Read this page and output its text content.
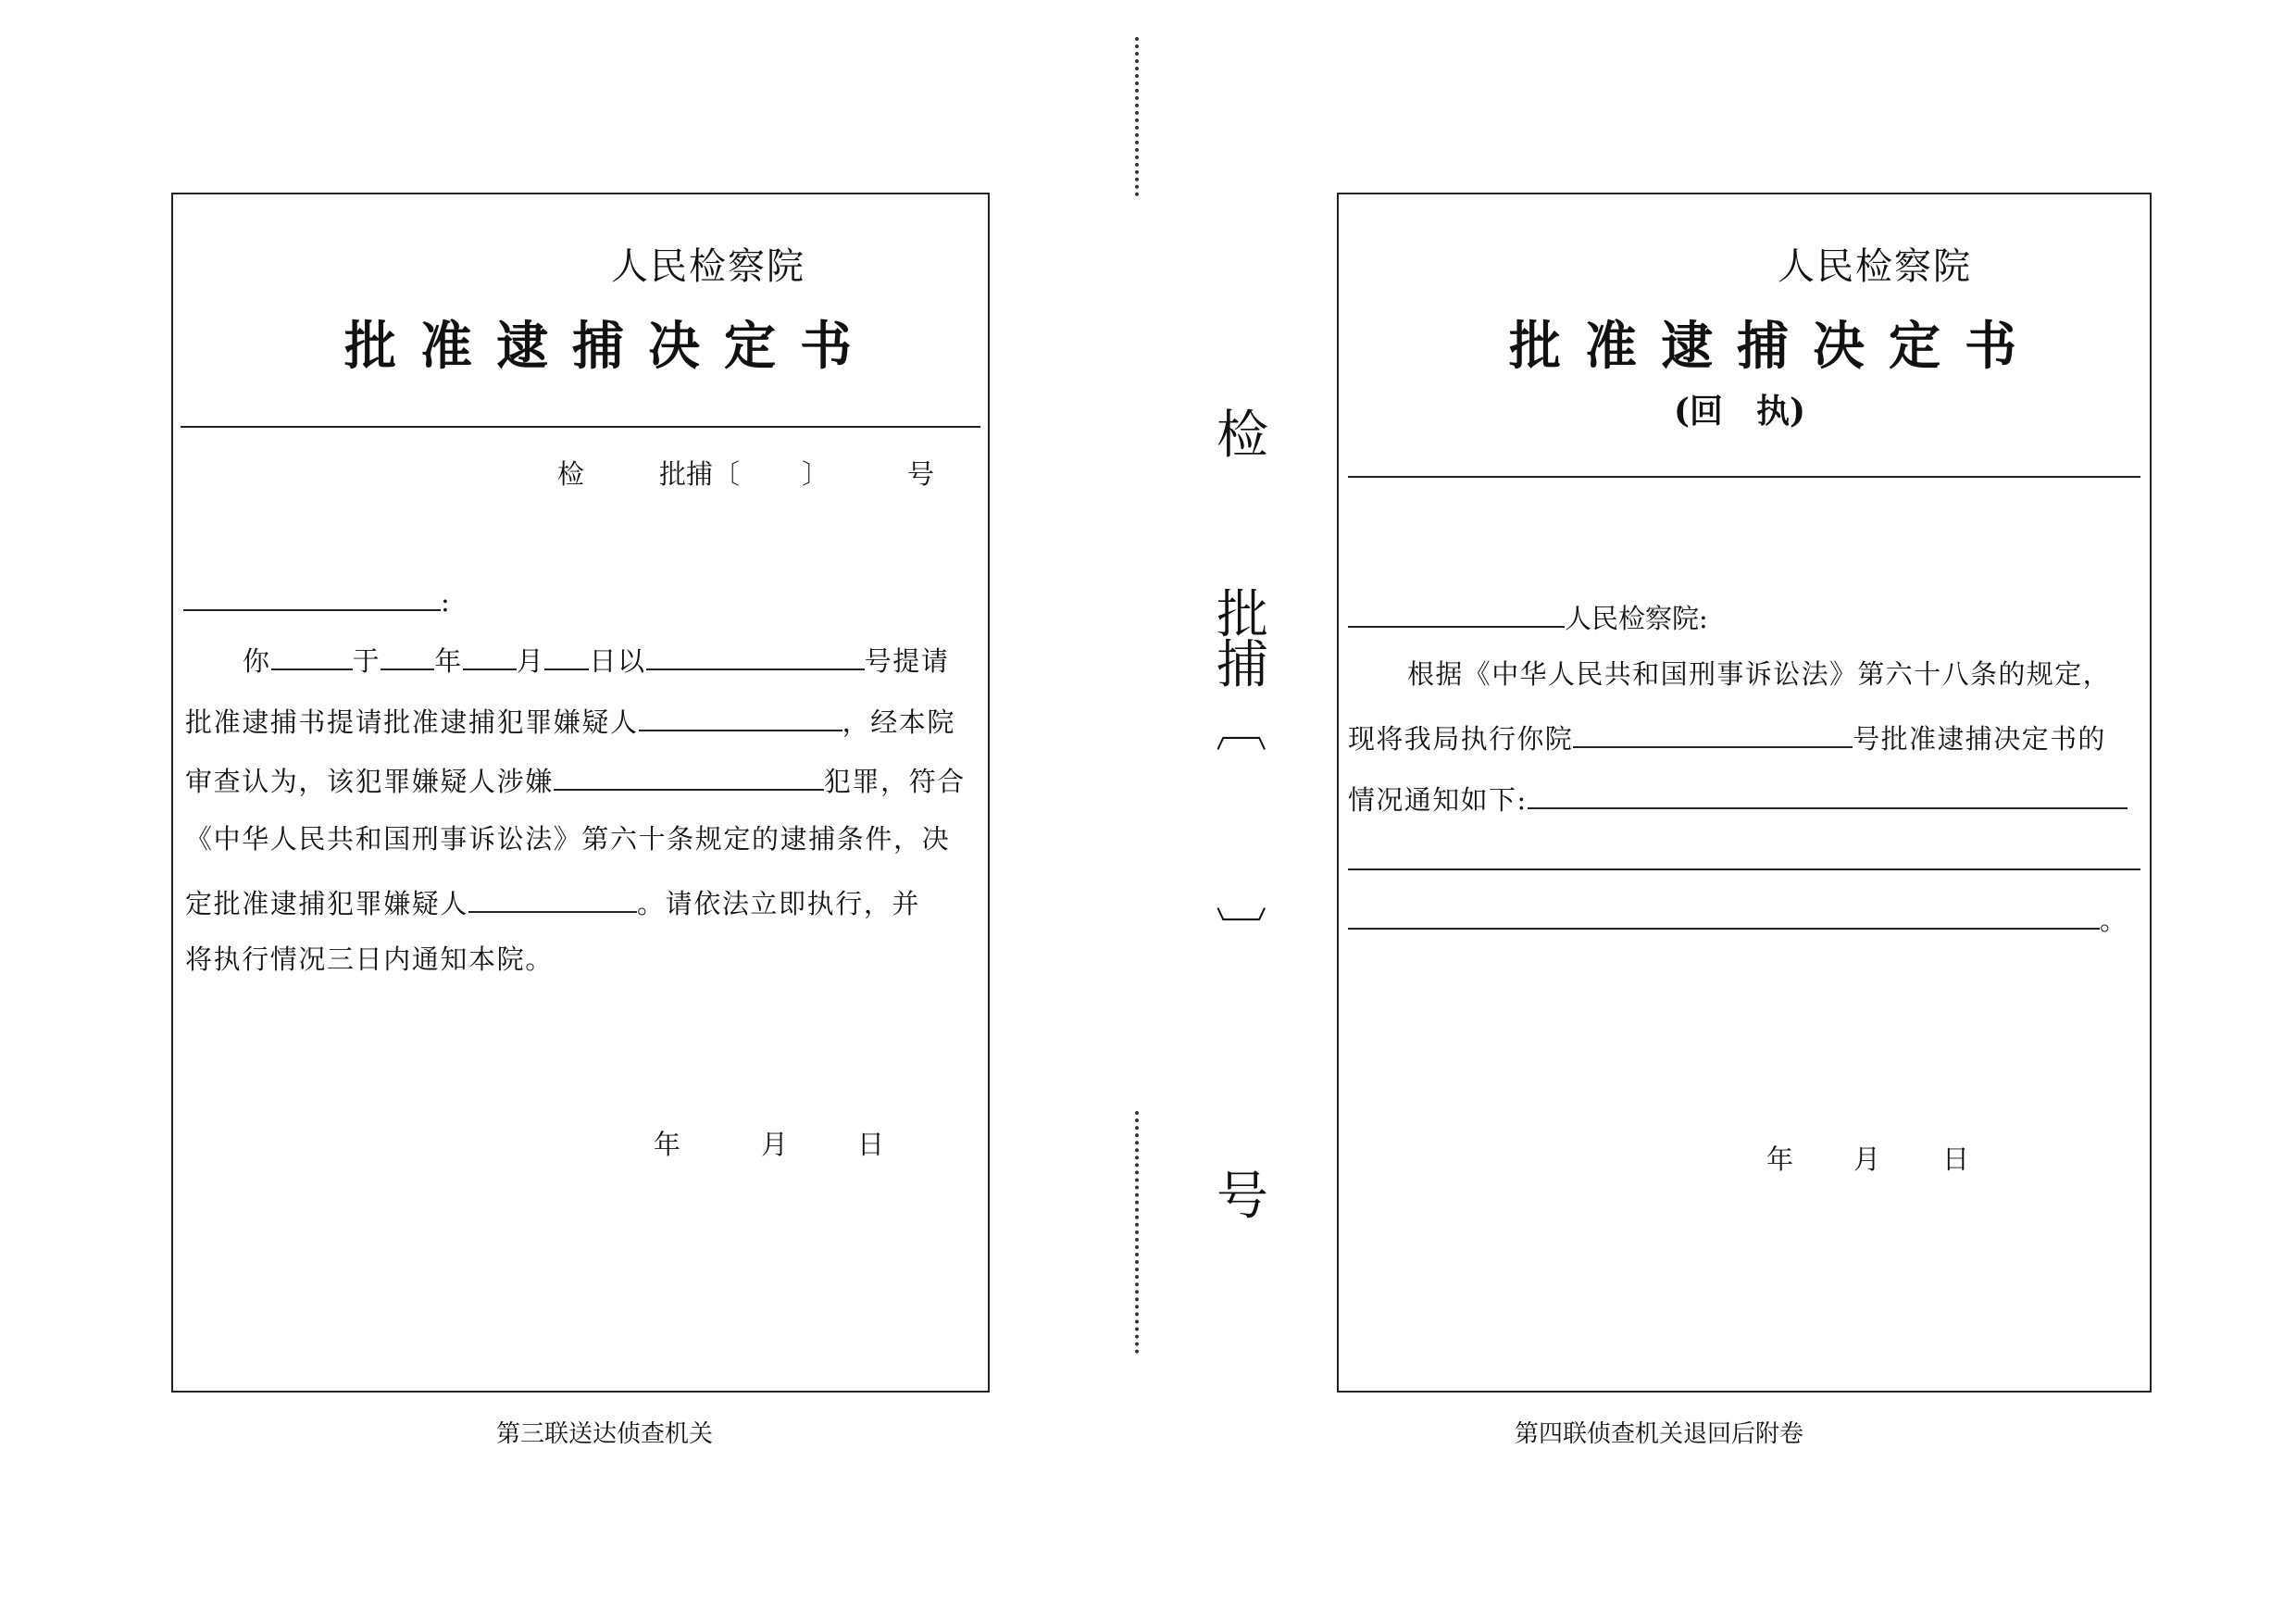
人民检察院
批准逮捕决定书
检	批捕〔 〕	号
:
你	于 年 月 日以	号提请
批准逮捕书提请批准逮捕犯罪嫌疑人	，经本院
审查认为，该犯罪嫌疑人涉嫌	犯罪，符合
《中华人民共和国刑事诉讼法》第六十条规定的逮捕条件，决
定批准逮捕犯罪嫌疑人	。请依法立即执行，并
将执行情况三日内通知本院。
年	月	日
第三联送达侦查机关
检
批
捕
〔
〕
号
人民检察院
批准逮捕决定书
(回　执)
人民检察院:
根据《中华人民共和国刑事诉讼法》第六十八条的规定，
现将我局执行你院	号批准逮捕决定书的
情况通知如下:
。
年 月 日
第四联侦查机关退回后附卷
